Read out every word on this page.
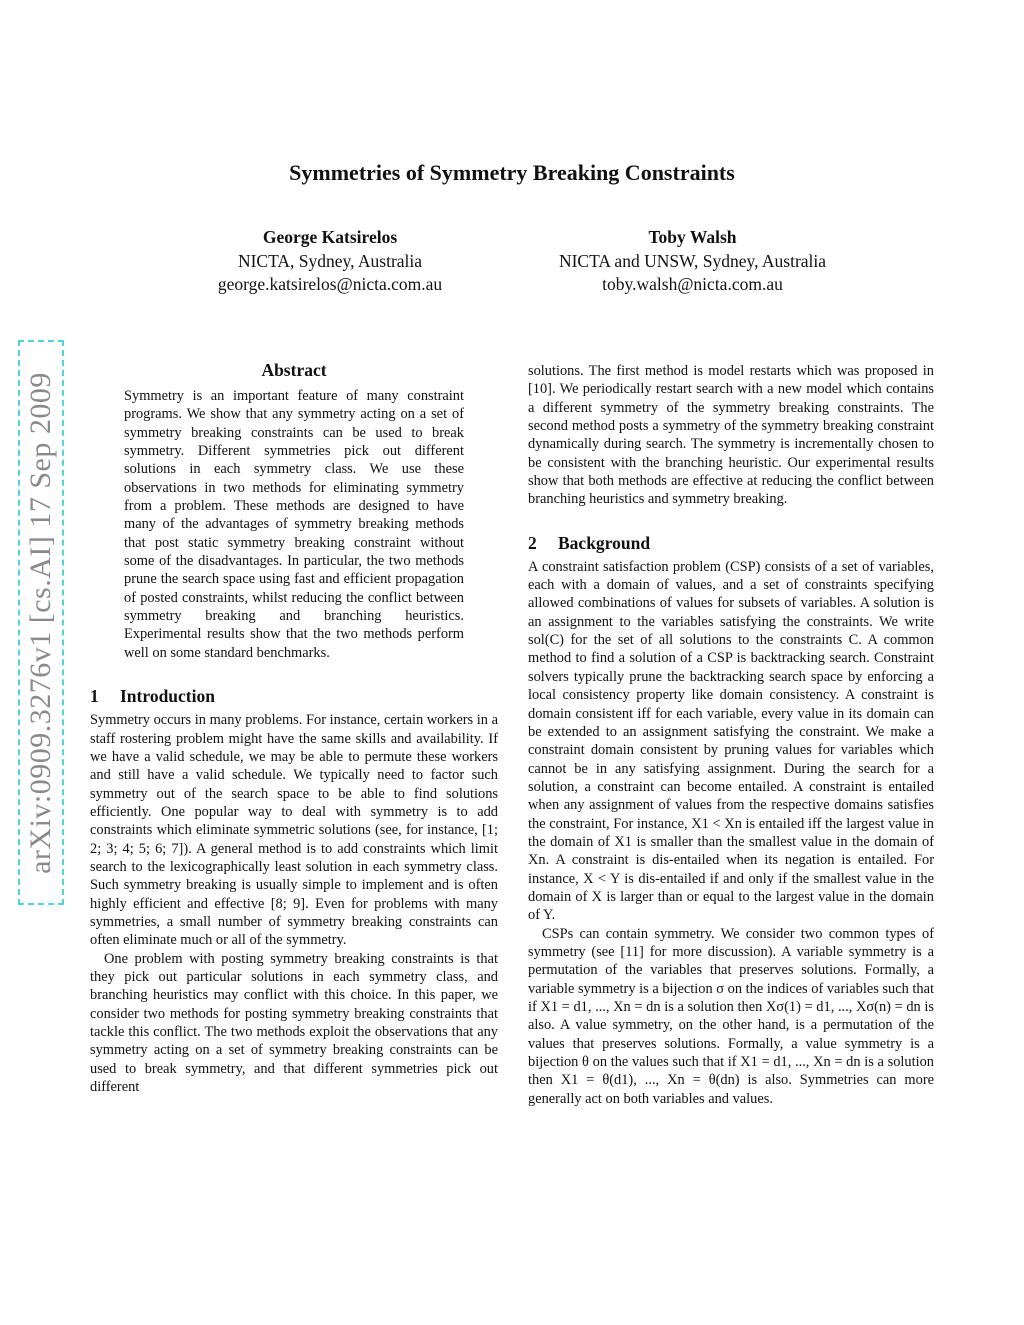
arXiv:0909.3276v1 [cs.AI] 17 Sep 2009
Symmetries of Symmetry Breaking Constraints
George Katsirelos
NICTA, Sydney, Australia
george.katsirelos@nicta.com.au
Toby Walsh
NICTA and UNSW, Sydney, Australia
toby.walsh@nicta.com.au
Abstract

Symmetry is an important feature of many constraint programs. We show that any symmetry acting on a set of symmetry breaking constraints can be used to break symmetry. Different symmetries pick out different solutions in each symmetry class. We use these observations in two methods for eliminating symmetry from a problem. These methods are designed to have many of the advantages of symmetry breaking methods that post static symmetry breaking constraint without some of the disadvantages. In particular, the two methods prune the search space using fast and efficient propagation of posted constraints, whilst reducing the conflict between symmetry breaking and branching heuristics. Experimental results show that the two methods perform well on some standard benchmarks.

1 Introduction

Symmetry occurs in many problems. For instance, certain workers in a staff rostering problem might have the same skills and availability. If we have a valid schedule, we may be able to permute these workers and still have a valid schedule. We typically need to factor such symmetry out of the search space to be able to find solutions efficiently. One popular way to deal with symmetry is to add constraints which eliminate symmetric solutions (see, for instance, [1; 2; 3; 4; 5; 6; 7]). A general method is to add constraints which limit search to the lexicographically least solution in each symmetry class. Such symmetry breaking is usually simple to implement and is often highly efficient and effective [8; 9]. Even for problems with many symmetries, a small number of symmetry breaking constraints can often eliminate much or all of the symmetry.

One problem with posting symmetry breaking constraints is that they pick out particular solutions in each symmetry class, and branching heuristics may conflict with this choice. In this paper, we consider two methods for posting symmetry breaking constraints that tackle this conflict. The two methods exploit the observations that any symmetry acting on a set of symmetry breaking constraints can be used to break symmetry, and that different symmetries pick out different

solutions. The first method is model restarts which was proposed in [10]. We periodically restart search with a new model which contains a different symmetry of the symmetry breaking constraints. The second method posts a symmetry of the symmetry breaking constraint dynamically during search. The symmetry is incrementally chosen to be consistent with the branching heuristic. Our experimental results show that both methods are effective at reducing the conflict between branching heuristics and symmetry breaking.

2 Background

A constraint satisfaction problem (CSP) consists of a set of variables, each with a domain of values, and a set of constraints specifying allowed combinations of values for subsets of variables. A solution is an assignment to the variables satisfying the constraints. We write sol(C) for the set of all solutions to the constraints C. A common method to find a solution of a CSP is backtracking search. Constraint solvers typically prune the backtracking search space by enforcing a local consistency property like domain consistency. A constraint is domain consistent iff for each variable, every value in its domain can be extended to an assignment satisfying the constraint. We make a constraint domain consistent by pruning values for variables which cannot be in any satisfying assignment. During the search for a solution, a constraint can become entailed. A constraint is entailed when any assignment of values from the respective domains satisfies the constraint, For instance, X1 < Xn is entailed iff the largest value in the domain of X1 is smaller than the smallest value in the domain of Xn. A constraint is dis-entailed when its negation is entailed. For instance, X < Y is dis-entailed if and only if the smallest value in the domain of X is larger than or equal to the largest value in the domain of Y.

CSPs can contain symmetry. We consider two common types of symmetry (see [11] for more discussion). A variable symmetry is a permutation of the variables that preserves solutions. Formally, a variable symmetry is a bijection σ on the indices of variables such that if X1 = d1, ..., Xn = dn is a solution then Xσ(1) = d1, ..., Xσ(n) = dn is also. A value symmetry, on the other hand, is a permutation of the values that preserves solutions. Formally, a value symmetry is a bijection θ on the values such that if X1 = d1, ..., Xn = dn is a solution then X1 = θ(d1), ..., Xn = θ(dn) is also. Symmetries can more generally act on both variables and values.
